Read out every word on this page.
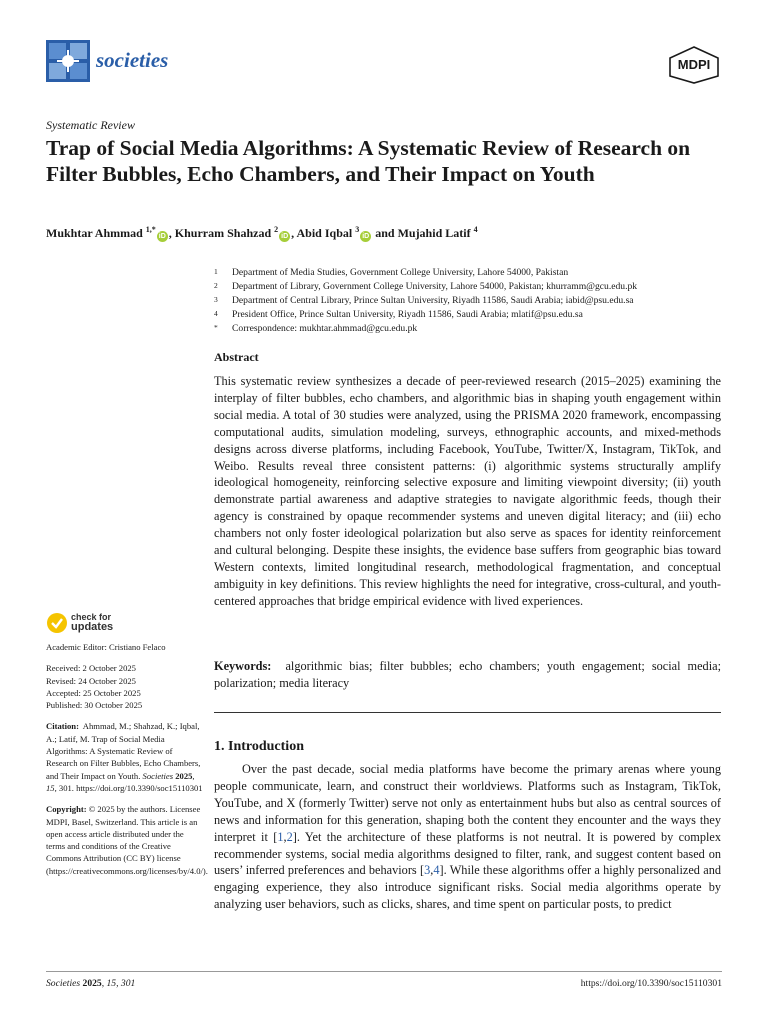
societies	MDPI
Systematic Review
Trap of Social Media Algorithms: A Systematic Review of Research on Filter Bubbles, Echo Chambers, and Their Impact on Youth
Mukhtar Ahmmad $^{1,*}$iD , Khurram Shahzad $^2$iD , Abid Iqbal $^3$iD and Mujahid Latif $^4$
1	Department of Media Studies, Government College University, Lahore 54000, Pakistan
2	Department of Library, Government College University, Lahore 54000, Pakistan; khurramm@gcu.edu.pk
3	Department of Central Library, Prince Sultan University, Riyadh 11586, Saudi Arabia; iabid@psu.edu.sa
4	President Office, Prince Sultan University, Riyadh 11586, Saudi Arabia; mlatif@psu.edu.sa
*	Correspondence: mukhtar.ahmmad@gcu.edu.pk
Abstract

This systematic review synthesizes a decade of peer-reviewed research (2015–2025) examining the interplay of filter bubbles, echo chambers, and algorithmic bias in shaping youth engagement within social media. A total of 30 studies were analyzed, using the PRISMA 2020 framework, encompassing computational audits, simulation modeling, surveys, ethnographic accounts, and mixed-methods designs across diverse platforms, including Facebook, YouTube, Twitter/X, Instagram, TikTok, and Weibo. Results reveal three consistent patterns: (i) algorithmic systems structurally amplify ideological homogeneity, reinforcing selective exposure and limiting viewpoint diversity; (ii) youth demonstrate partial awareness and adaptive strategies to navigate algorithmic feeds, though their agency is constrained by opaque recommender systems and uneven digital literacy; and (iii) echo chambers not only foster ideological polarization but also serve as spaces for identity reinforcement and cultural belonging. Despite these insights, the evidence base suffers from geographic bias toward Western contexts, limited longitudinal research, methodological fragmentation, and conceptual ambiguity in key definitions. This review highlights the need for integrative, cross-cultural, and youth-centered approaches that bridge empirical evidence with lived experiences.

Keywords: algorithmic bias; filter bubbles; echo chambers; youth engagement; social media; polarization; media literacy

1. Introduction

Over the past decade, social media platforms have become the primary arenas where young people communicate, learn, and construct their worldviews. Platforms such as Instagram, TikTok, YouTube, and X (formerly Twitter) serve not only as entertainment hubs but also as central sources of news and information for this generation, shaping both the content they encounter and the ways they interpret it [1,2]. Yet the architecture of these platforms is not neutral. It is powered by complex recommender systems, social media algorithms designed to filter, rank, and suggest content based on users’ inferred preferences and behaviors [3,4]. While these algorithms offer a highly personalized and engaging experience, they also introduce significant risks. Social media algorithms operate by analyzing user behaviors, such as clicks, shares, and time spent on particular posts, to predict

check for
updates

Academic Editor: Cristiano Felaco

Received: 2 October 2025

Revised: 24 October 2025

Accepted: 25 October 2025

Published: 30 October 2025

Citation: Ahmmad, M.; Shahzad, K.; Iqbal, A.; Latif, M. Trap of Social Media Algorithms: A Systematic Review of Research on Filter Bubbles, Echo Chambers, and Their Impact on Youth. Societies 2025, 15, 301. https://doi.org/10.3390/soc15110301

Copyright: © 2025 by the authors. Licensee MDPI, Basel, Switzerland. This article is an open access article distributed under the terms and conditions of the Creative Commons Attribution (CC BY) license (https://creativecommons.org/licenses/by/4.0/).

Societies 2025, 15, 301	https://doi.org/10.3390/soc15110301
